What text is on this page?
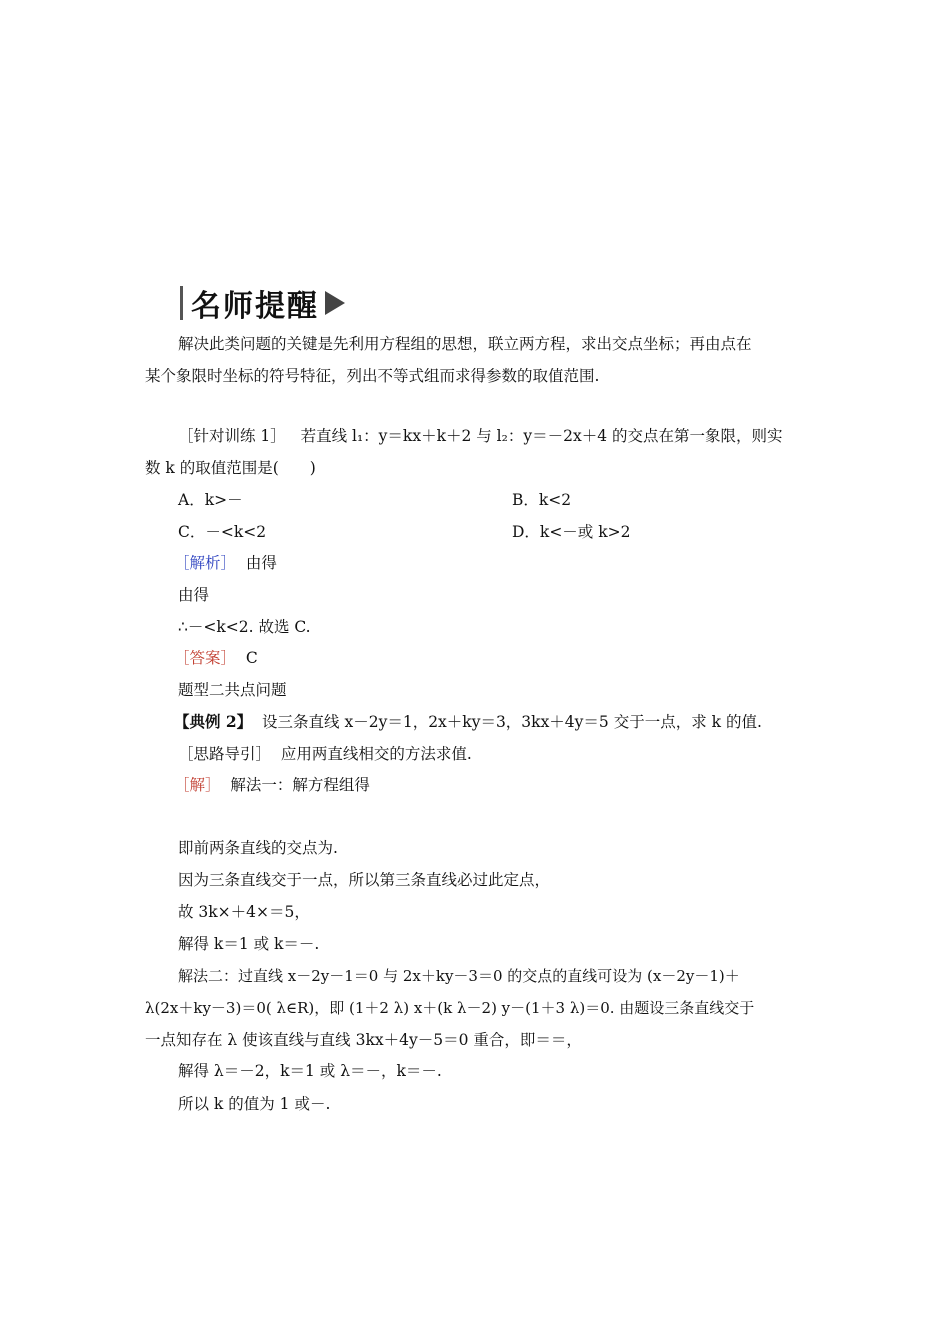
名师提醒
解决此类问题的关键是先利用方程组的思想，联立两方程，求出交点坐标；再由点在
某个象限时坐标的符号特征，列出不等式组而求得参数的取值范围.
［针对训练 1］ 若直线 l₁：y＝kx＋k＋2 与 l₂：y＝－2x＋4 的交点在第一象限，则实
数 k 的取值范围是(　　)
A．k>－	B．k<2
C．－<k<2	D．k<－或 k>2
［解析］ 由得
由得
∴－<k<2. 故选 C.
［答案］ C
题型二共点问题
【典例 2】 设三条直线 x－2y＝1，2x＋ky＝3，3kx＋4y＝5 交于一点，求 k 的值.
［思路导引］ 应用两直线相交的方法求值.
［解］ 解法一：解方程组得
即前两条直线的交点为.
因为三条直线交于一点，所以第三条直线必过此定点，
故 3k×＋4×＝5，
解得 k＝1 或 k＝－.
解法二：过直线 x－2y－1＝0 与 2x＋ky－3＝0 的交点的直线可设为 (x－2y－1)＋
λ(2x＋ky－3)＝0( λ∈R)，即 (1＋2 λ) x＋(k λ－2) y－(1＋3 λ)＝0. 由题设三条直线交于
一点知存在 λ 使该直线与直线 3kx＋4y－5＝0 重合，即＝＝，
解得 λ＝－2，k＝1 或 λ＝－，k＝－.
所以 k 的值为 1 或－.
